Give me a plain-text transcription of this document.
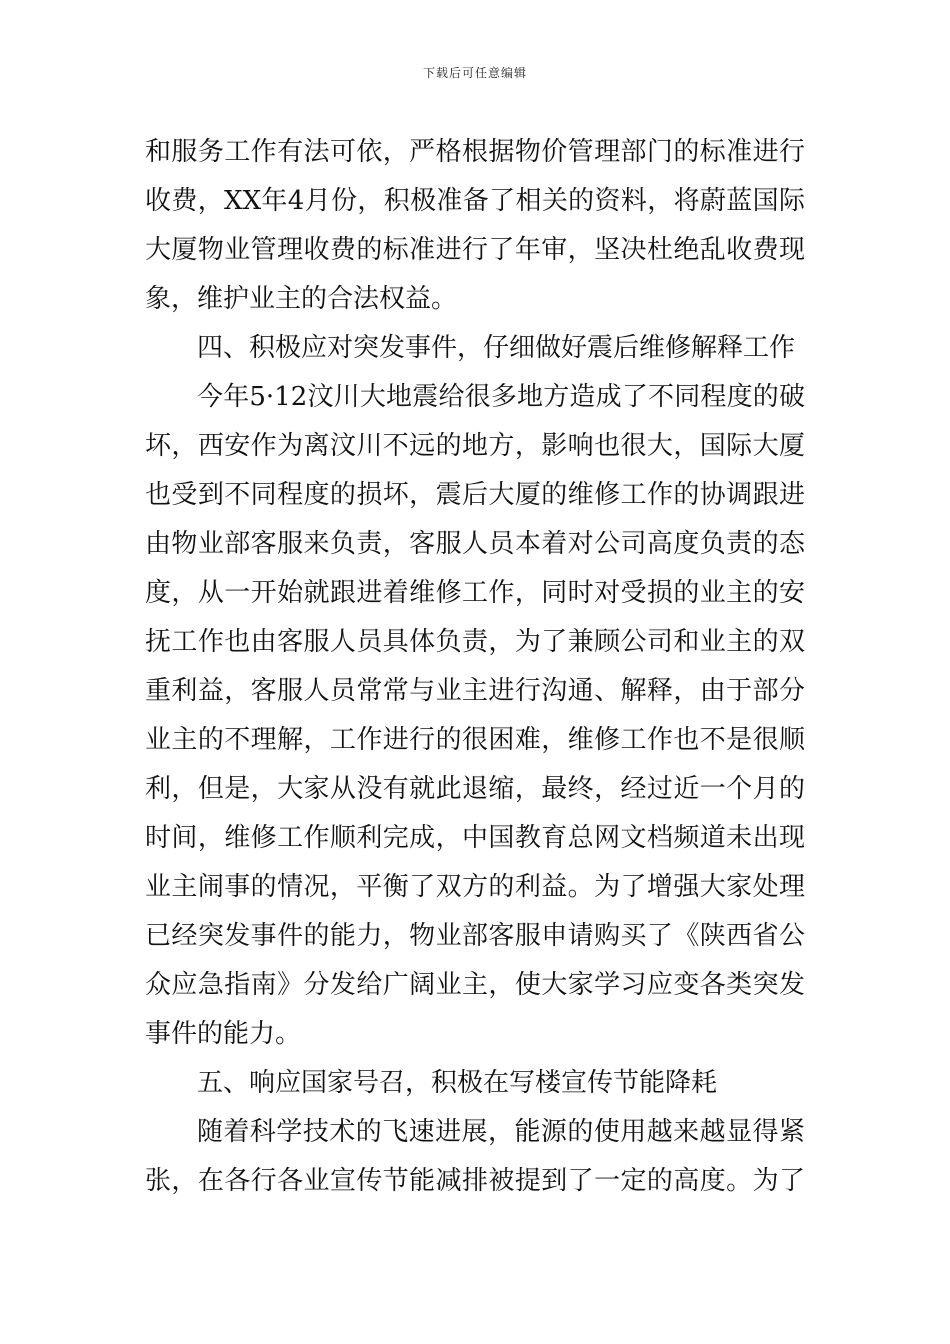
下载后可任意编辑
和服务工作有法可依，严格根据物价管理部门的标准进行
收费，XX年4月份，积极准备了相关的资料，将蔚蓝国际
大厦物业管理收费的标准进行了年审，坚决杜绝乱收费现
象，维护业主的合法权益。
四、积极应对突发事件，仔细做好震后维修解释工作
今年5·12汶川大地震给很多地方造成了不同程度的破
坏，西安作为离汶川不远的地方，影响也很大，国际大厦
也受到不同程度的损坏，震后大厦的维修工作的协调跟进
由物业部客服来负责，客服人员本着对公司高度负责的态
度，从一开始就跟进着维修工作，同时对受损的业主的安
抚工作也由客服人员具体负责，为了兼顾公司和业主的双
重利益，客服人员常常与业主进行沟通、解释，由于部分
业主的不理解，工作进行的很困难，维修工作也不是很顺
利，但是，大家从没有就此退缩，最终，经过近一个月的
时间，维修工作顺利完成，中国教育总网文档频道未出现
业主闹事的情况，平衡了双方的利益。为了增强大家处理
已经突发事件的能力，物业部客服申请购买了《陕西省公
众应急指南》分发给广阔业主，使大家学习应变各类突发
事件的能力。
五、响应国家号召，积极在写楼宣传节能降耗
随着科学技术的飞速进展，能源的使用越来越显得紧
张，在各行各业宣传节能减排被提到了一定的高度。为了
